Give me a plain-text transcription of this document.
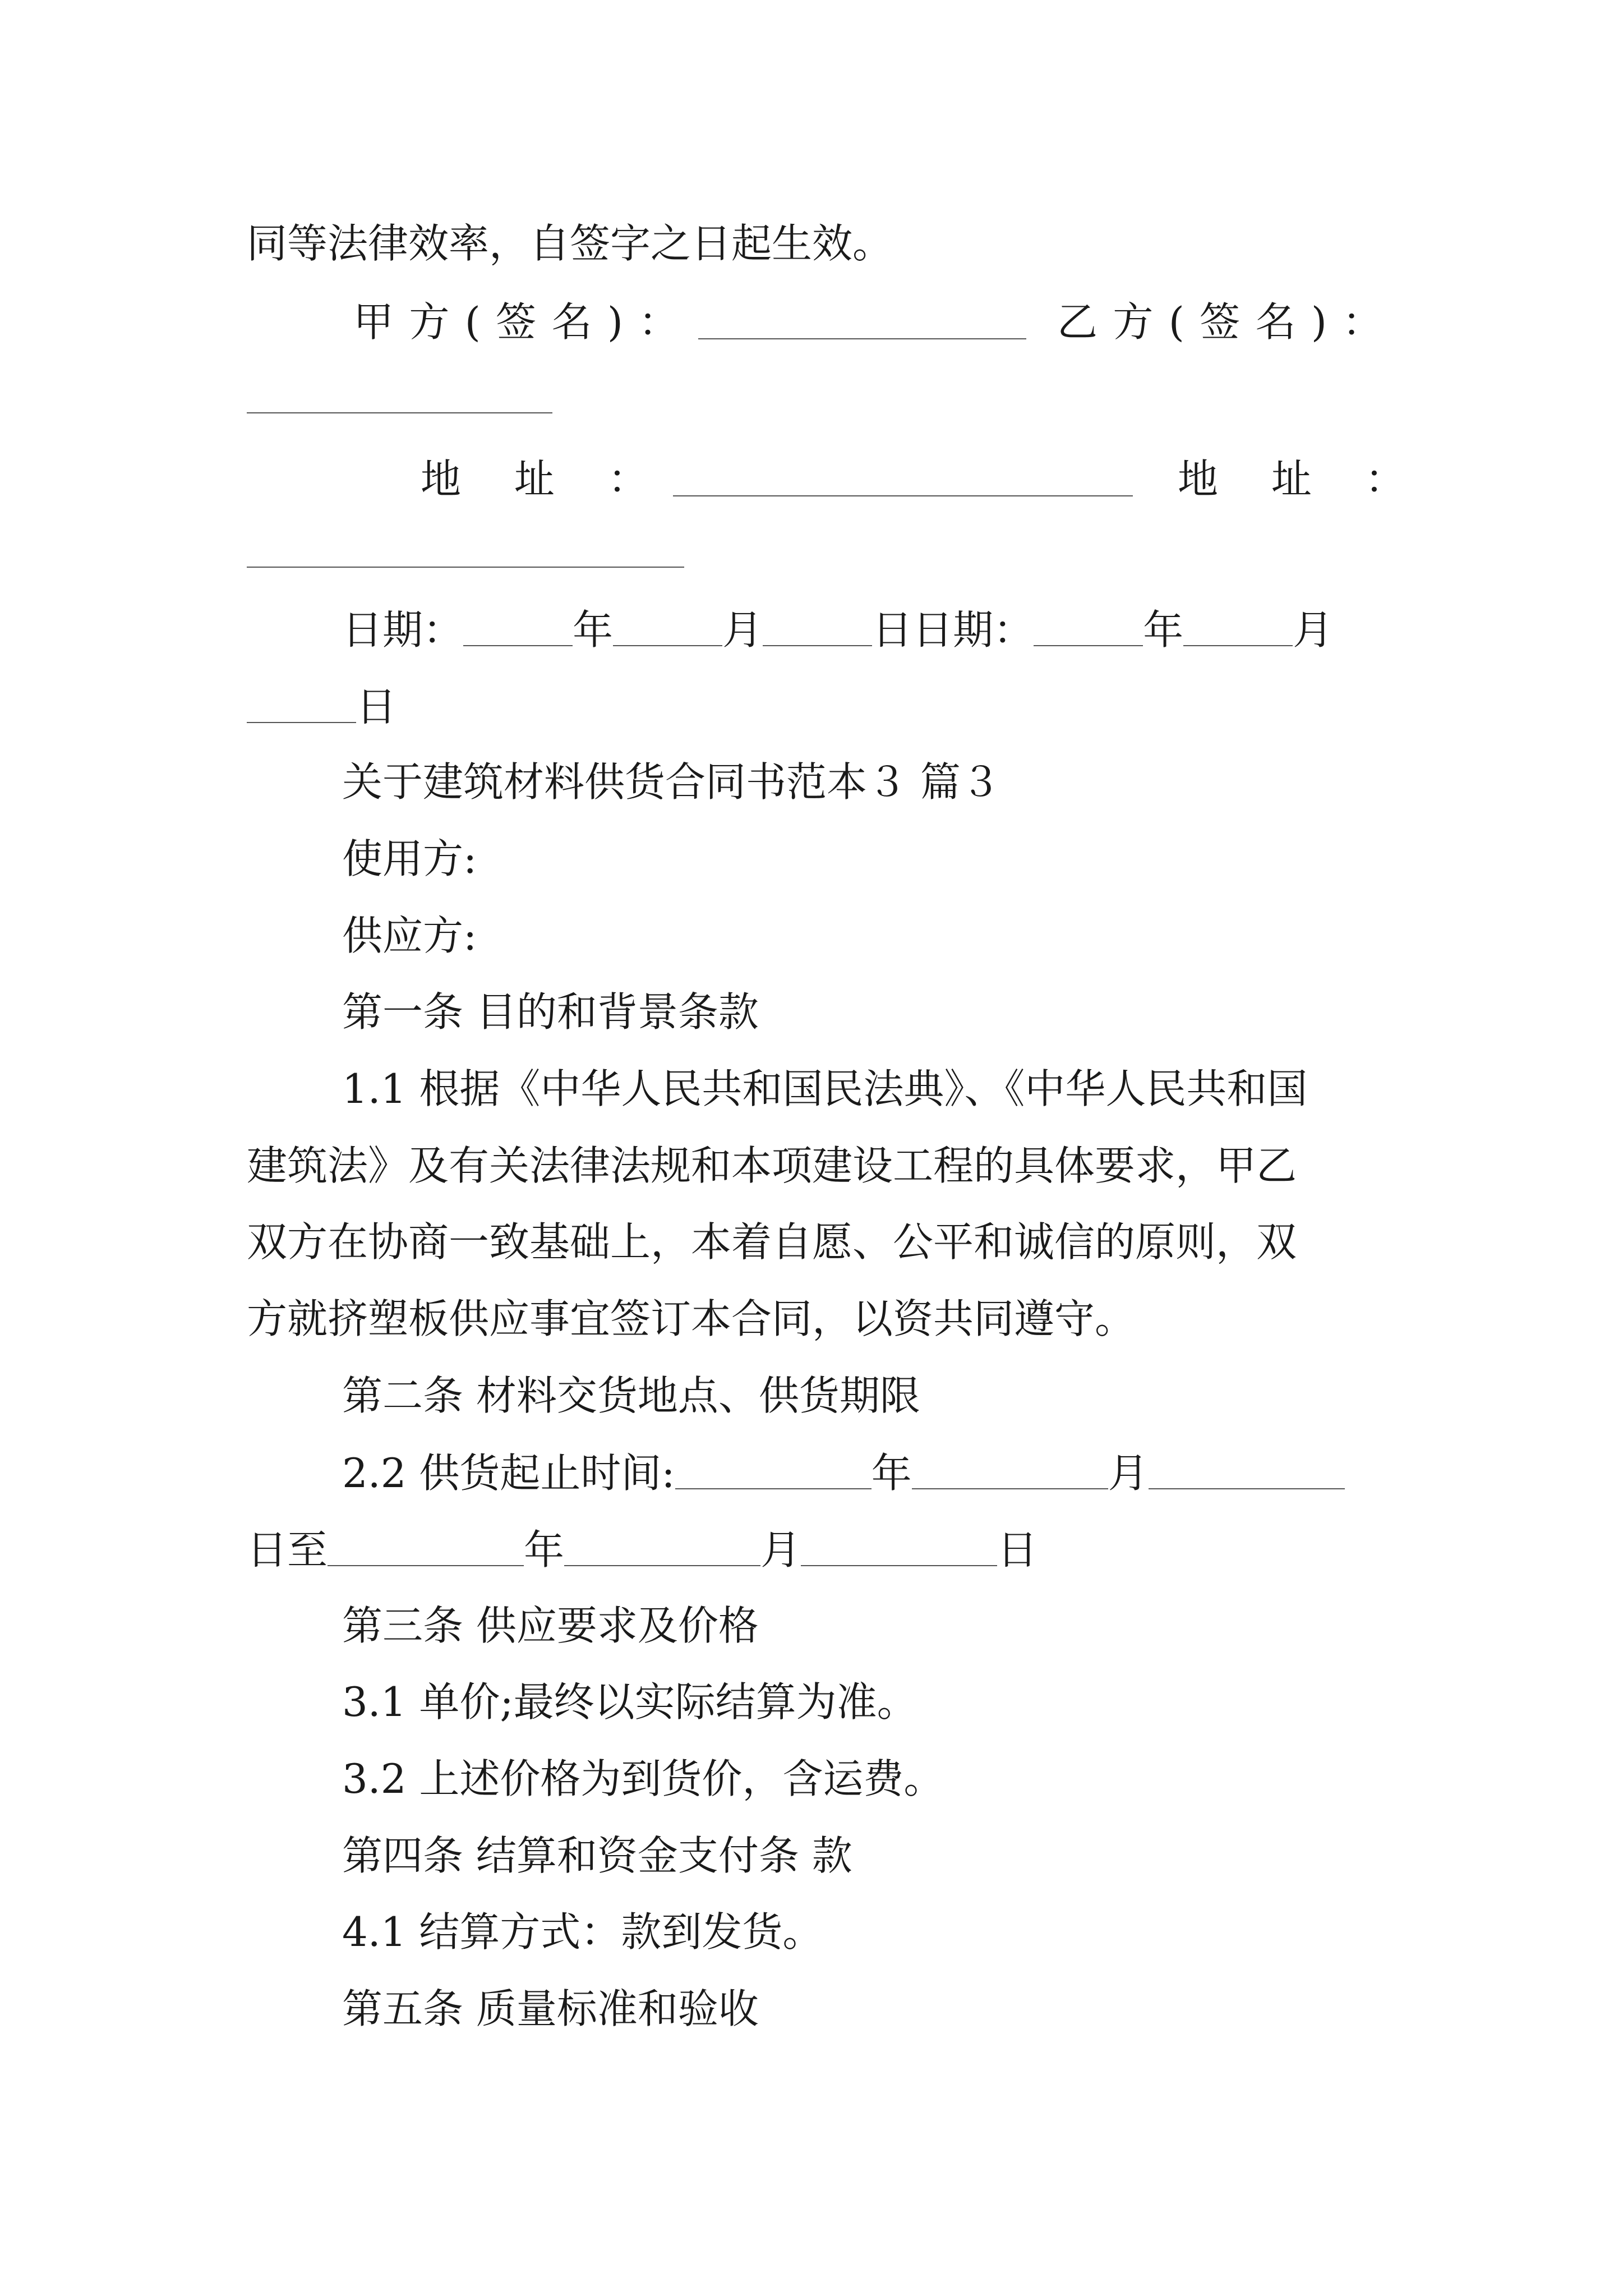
同等法律效率，自签字之日起生效。
甲方(签名)：	乙方(签名)：
地 址 ：	地 址 ：
日期：	年	月	日日期：	年	月
日
关于建筑材料供货合同书范本３ 篇３
使用方:
供应方:
第一条 目的和背景条款
1.1 根据《中华人民共和国民法典》、《中华人民共和国
建筑法》及有关法律法规和本项建设工程的具体要求，甲乙
双方在协商一致基础上，本着自愿、公平和诚信的原则，双
方就挤塑板供应事宜签订本合同，以资共同遵守。
第二条 材料交货地点、供货期限
2.2 供货起止时间:	年	月
日至	年	月	日
第三条 供应要求及价格
3.1 单价;最终以实际结算为准。
3.2 上述价格为到货价，含运费。
第四条 结算和资金支付条 款
4.1 结算方式：款到发货。
第五条 质量标准和验收
